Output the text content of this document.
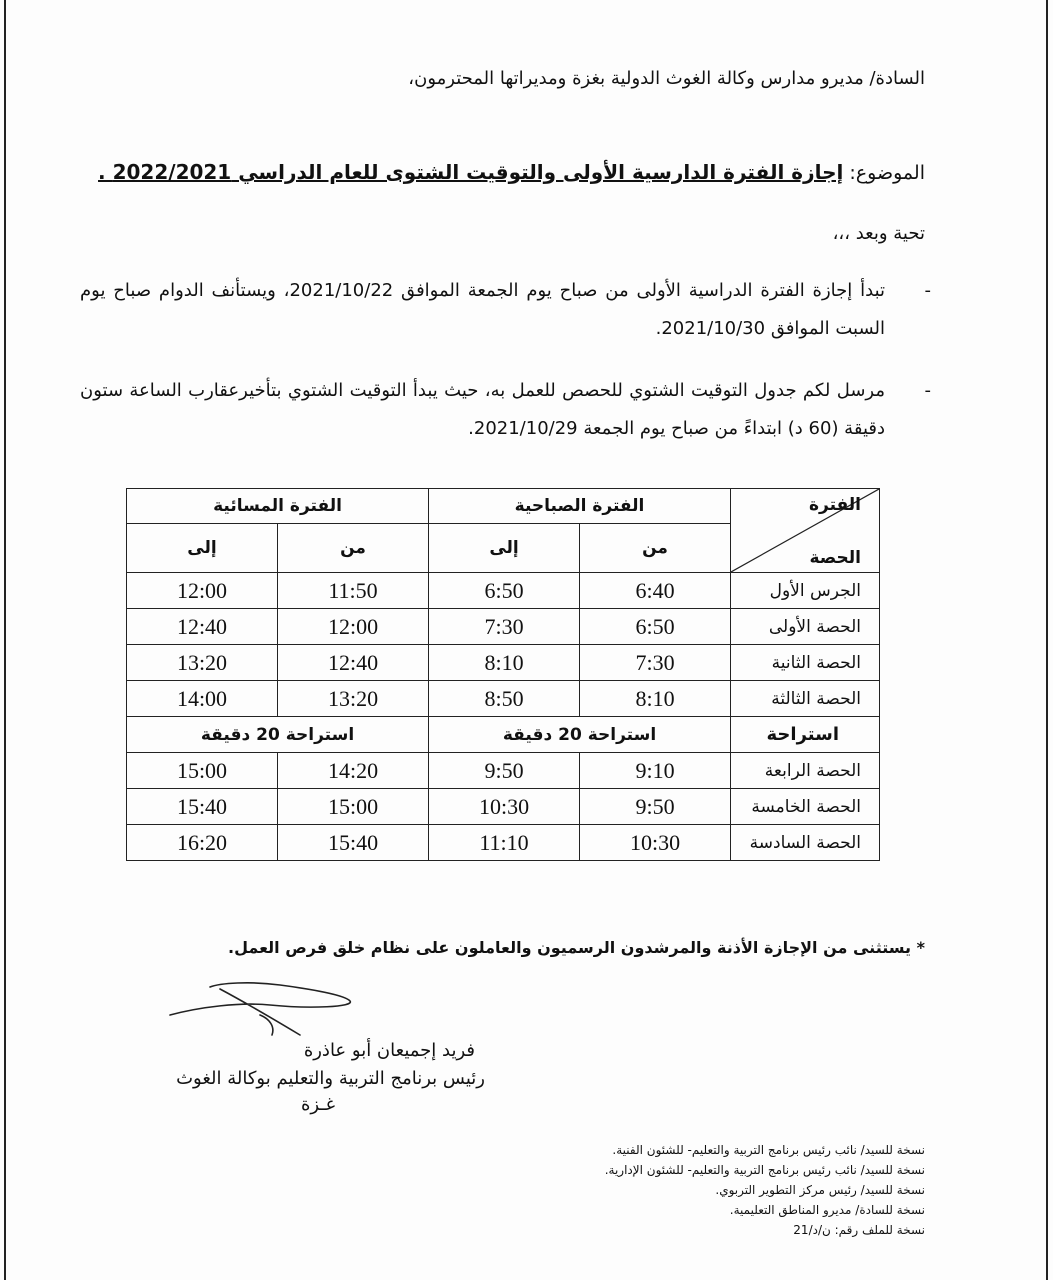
السادة/ مديرو مدارس وكالة الغوث الدولية بغزة ومديراتها المحترمون،
الموضوع: إجازة الفترة الدارسية الأولى والتوقيت الشتوى للعام الدراسي 2022/2021 .
تحية وبعد ،،،
-
تبدأ إجازة الفترة الدراسية الأولى من صباح يوم الجمعة الموافق 2021/10/22، ويستأنف الدوام صباح يوم السبت الموافق 2021/10/30.
-
مرسل لكم جدول التوقيت الشتوي للحصص للعمل به، حيث يبدأ التوقيت الشتوي بتأخيرعقارب الساعة ستون دقيقة (60 د) ابتداءً من صباح يوم الجمعة 2021/10/29.
الفترة
الحصة	الفترة الصباحية		الفترة المسائية	
	من	إلى	من	إلى
الجرس الأول	6:40	6:50	11:50	12:00
الحصة الأولى	6:50	7:30	12:00	12:40
الحصة الثانية	7:30	8:10	12:40	13:20
الحصة الثالثة	8:10	8:50	13:20	14:00
استراحة	استراحة 20 دقيقة		استراحة 20 دقيقة	
الحصة الرابعة	9:10	9:50	14:20	15:00
الحصة الخامسة	9:50	10:30	15:00	15:40
الحصة السادسة	10:30	11:10	15:40	16:20
* يستثنى من الإجازة الأذنة والمرشدون الرسميون والعاملون على نظام خلق فرص العمل.
فريد إجميعان أبو عاذرة
رئيس برنامج التربية والتعليم بوكالة الغوث
غـزة
نسخة للسيد/ نائب رئيس برنامج التربية والتعليم- للشئون الفنية.
نسخة للسيد/ نائب رئيس برنامج التربية والتعليم- للشئون الإدارية.
نسخة للسيد/ رئيس مركز التطوير التربوي.
نسخة للسادة/ مديرو المناطق التعليمية.
نسخة للملف رقم: ن/د/21
